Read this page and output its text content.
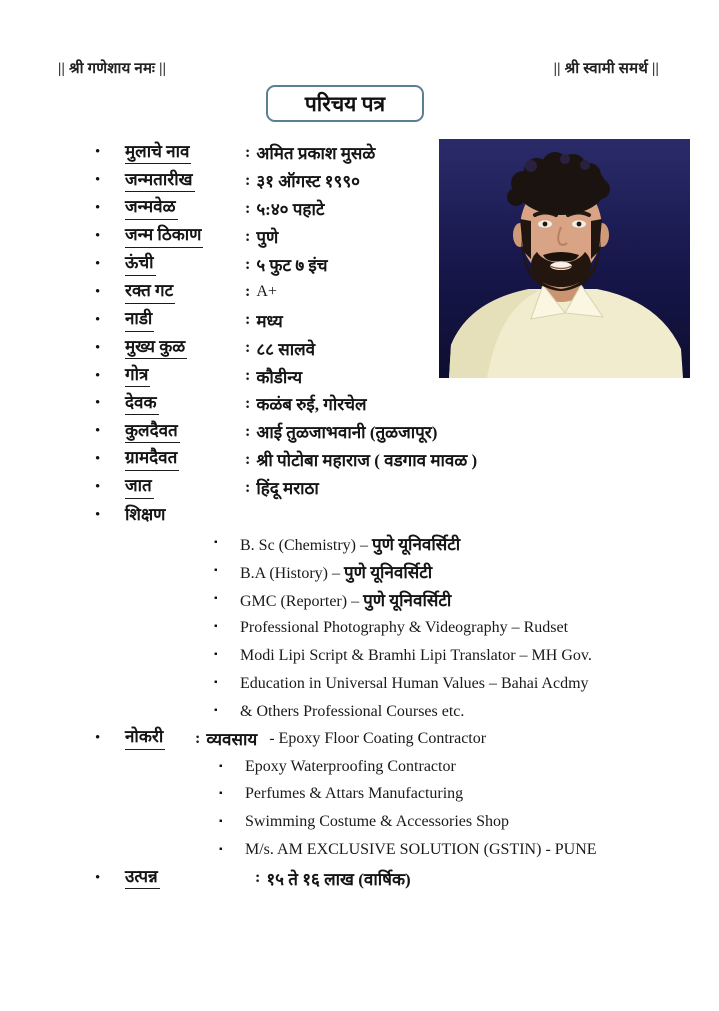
|| श्री गणेशाय नमः ||	|| श्री स्वामी समर्थ ||
परिचय पत्र
•	मुलाचे नाव	: अमित प्रकाश मुसळे
•	जन्मतारीख	: ३१ ऑगस्ट १९९०
•	जन्मवेळ	: ५:४० पहाटे
•	जन्म ठिकाण	: पुणे
•	ऊंची	: ५ फुट ७ इंच
•	रक्त गट	: A+
•	नाडी	: मध्य
•	मुख्य कुळ	: ८८ सालवे
•	गोत्र	: कौडीन्य
•	देवक	: कळंब रुई, गोरचेल
•	कुलदैवत	: आई तुळजाभवानी (तुळजापूर)
•	ग्रामदैवत	: श्री पोटोबा महाराज ( वडगाव मावळ )
•	जात	: हिंदू मराठा
•	शिक्षण
▪	B. Sc (Chemistry) – पुणे यूनिवर्सिटी
▪	B.A (History) – पुणे यूनिवर्सिटी
▪	GMC (Reporter) – पुणे यूनिवर्सिटी
▪	Professional Photography & Videography – Rudset
▪	Modi Lipi Script & Bramhi Lipi Translator – MH Gov.
▪	Education in Universal Human Values – Bahai Acdmy
▪	& Others Professional Courses etc.
•	नोकरी	: व्यवसाय - Epoxy Floor Coating Contractor
▪	Epoxy Waterproofing Contractor
▪	Perfumes & Attars Manufacturing
▪	Swimming Costume & Accessories Shop
▪	M/s. AM EXCLUSIVE SOLUTION (GSTIN) - PUNE
•	उत्पन्न	: १५ ते १६ लाख (वार्षिक)
